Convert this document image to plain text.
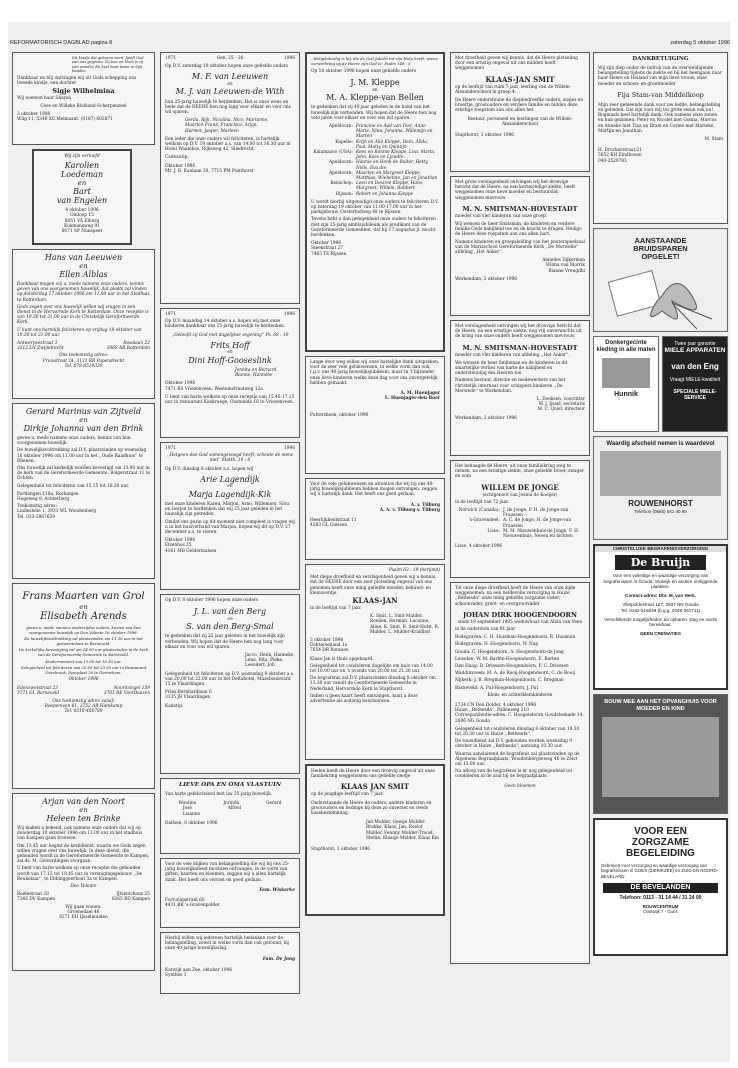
REFORMATORISCH DAGBLAD pagina 8	zaterdag 5 oktober 1996
Dit kindje dat geboren werd, heeft God aan ons gegeven, Zó teer en klein is zij een wonder, En heel haar leven in Zijn handen.
Dankbaar en blij ontvingen wij uit Gods schepping ons tweede kindje, een dochter
Sigje Wilhelmina
Wij noemen haar Sharon
Cees en Willeke Blokland-Scherpenzeel
3 oktober 1996
Wilg 11, 5348 XC Melmsant. (0187) 602871
Wij zijn verloofd
Karolien
Loedeman
en
Bart
van Engelen
4 oktober 1996
Omloop 15
8051 VA Elburg
Kokmansweg 91
8071 SP Nunspeet
Hans van Leeuwen
en
Ellen Alblas
Dankbaar mogen wij u, mede namens onze ouders, kennis geven van ons voorgenomen huwelijk, dat plaats zal vinden op donderdag 17 oktober 1996 om 11.00 uur in het Stadhuis te Rotterdam.
Gods zegen over ons huwelijk willen wij vragen in een dienst in de Hervormde Kerk te Rotterdam. Onze receptie is van 19.30 tot 21.00 uur in de Christelijk Gereformeerde Kerk.
U kunt ons hartelijk feliciteren op vrijdag 18 oktober van 19.30 tot 21.00 uur.
Antwerpsestraat 3	Rosalaan 22
3112 LN Zwijndrecht	3069 AR Rotterdam
Ons toekomstig adres:
Pruisstraat 24, 3131 RR Papendrecht
Tel. 078-6519329
Gerard Marinus van Zijtveld
en
Dirkje Johanna van den Brink
geven u, mede namens onze ouders, kennis van hun voorgenomen huwelijk.
De huwelijksvoltrekking zal D.V. plaatsvinden op woensdag 16 oktober 1996 om 11.00 uur in het ,,Oude Raadhuis'' te Rhenen.
Ons huwelijk zal kerkelijk worden bevestigd om 13.00 uur in de kerk van de Gereformeerde Gemeente, Bolgerstraat 11 te Ochten.
Gelegenheid tot feliciteren van 15.15 tot 16.30 uur.
Portlongen 118a, Rockanjen
Hogeweg 8, Achterberg
Toekomstig adres:
Lindeslelie 1, 3931 WL Woudenberg
Tel. 033-2867639
Frans Maarten van Grol
en
Elisabeth Arends
geven u, mede namens wederzijdse ouders, kennis van hun voorgenomen huwelijk op Don Volente 16 oktober 1996.
De huwelijksvoltrekking zal plaatsvinden om 11.30 uur in het gemeentehuis te Barneveld.
De kerkelijke bevestiging zal om 14.00 uur plaatsvinden in de kerk van de Gereformeerde Gemeente te Barneveld.
Kindermoment van 15.00 tot 16.30 uur.
Gelegenheid tot feliciteren van 20.00 tot 23.00 uur in Restaurant Overbrook, Ponsplaat 28 te Gorinchem.
Oktober 1996
Edenswetstraat 23	Noordsingel 159
3771 GL Barneveld	3781 RE Voorthuizen
Ons toekomstig adres vanaf:
Roepersven 61, 3752 AR Harskamp
Tel. 0318-456789
Arjan van den Noort
en
Heleen ten Brinke
Wij maken u bekend, ook namens onze ouders dat wij op donderdag 10 oktober 1996 om 13.00 uur in het stadhuis van Kampen gaan trouwen.
Om 13.45 uur begint de kerkdienst, waarin we Gods zegen willen vragen over ons huwelijk. In deze dienst, die gehouden wordt in de Gereformeerde Gemeente te Kampen, zal ds. M. Golverdingen voorgaan.
U bent van harte welkom op onze receptie die gehouden wordt van 17.15 tot 18.45 uur in verenigingsgebouw ,,De Beukelaar'', te Ebbinggeerhout 3a te Kampen.
Deo Volente
Boelestraat 28	IJlverschonz 25
7266 DV Kampen	8265 BD Kampen
Wij gaan wonen:
Groenedael 46
8271 EH IJsselmuiden
1971	Gen. 25 - 26	1996
Op D.V. zaterdag 19 oktober hopen onze geliefde ouders
M. F. van Leeuwen
en
M. J. van Leeuwen-de With
hun 25-jarig huwelijk te herdenken. Het is onze wens en bede dat de HEERE hen nog lang voor elkaar en voor ons wil sparen.
Gerda, Rijk, Nicolina, Nico, Marianne, Maarten Frank, Francisca, Arjan, Harmet, Jasper, Marleen
Een ieder die onze ouders wil feliciteren, is hartelijk welkom op D.V. 19 oktober a.s. van 14.00 tot 16.30 uur in Hotel Waambos, Rijksweg 42, Sliedrecht.
Cadeautip:
Oktober 1996
Mr. J. B. Kanlaan 30, 7715 PM Punthorst
1971	1996
Op D.V. maandag 14 oktober a.s. hopen wij met onze kinderen dankbaar ons 25-jarig huwelijk te herdenken.
,,Geloofd zij God met dagelijkse zegening'' Ps. 68 : 19
Frits Hoff
en
Dini Hoff-Gooseslink
Jennita en Bernard, Bianne, Hannebe
Oktober 1996
7471 BS Vriezenveen, Westeinstraatweg 12a
U bent van harte welkom op onze receptie van 15.45-17.15 uur in restaurant Koekruege, Oosteinde 18 te Vriezenveen.
1971	1996
,,Hetgeen dan God samengevoegd heeft, scheide de mens niet'' Matth. 19 : 6
Op D.V. dinsdag 8 oktober a.s. hopen wij
Arie Lagendijk
en
Marja Lagendijk-Kik
met onze kinderen Karen, Marjon, Arno, Willemien, Silva en Gerjon te herdenken dat wij 25 jaar geleden in het huwelijk zijn getreden.
Omdat ons gezin op dit moment niet compleet is vragen wij u in het huisverband van Marjon, hopen wij dit op D.V. 27 december a.s. te vieren.
Oktober 1996
Elzenhos 25
4161 MB Geldermalsen
Op D.V. 8 oktober 1996 hopen onze ouders
J. L. van den Berg
en
S. van den Berg-Smal
te gedenken dat zij 25 jaar geleden in het huwelijk zijn verbonden. Wij hopen dat de Heere hen nog lang voor elkaar en voor ons wil sparen.
Jacco, Henk, Hanneke, Lena, Rita, Pieke, Leendert, Job
Gelegenheid tot feliciteren op D.V. woensdag 9 oktober a.s. van 20.00 tot 22.00 uur in het Deltahotel, Maasboulevard 15 te Vlaardingen.
Prins Bernhardlaan 6
3135 JB Vlaardingen
Kadotip:
LIEVE OPA EN OMA VLASTUIN
Van harte gefeliciteerd met uw 35-jarig huwelijk.
Woutine	Jorinda	Gerard
José	Alfred
Lisanne
Dalfsen, 8 oktober 1996
Voor de vele blijken van belangstelling die wij bij ons 25-jarig huwelijksfeest mochten ontvangen, in de vorm van giften, kaarten en bloemen, zeggen wij u allen hartelijk dank. Het heeft ons verrast en goed gedaan.
Fam. Wiskerke
Fortunapstraat 60
4431 BK 's-Gravenpolder
Hierbij willen wij iedereen hartelijk bedanken voor de belangstelling, zowel in welke vorm dan ook getoond, bij onze 40-jarige huwelijksdag.
Fam. De Jong
Katwijk aan Zee, oktober 1996
Synthes 1
,,Welgelukzalig is hij, die de God Jakobs tot zijn Hulp heeft, wiens verwachting op de Heere zijn God is'' Psalm 146 : 5
Op 18 oktober 1996 hopen onze geliefde ouders
J. M. Kleppe
en
M. A. Kleppe-van Bellen
te gedenken dat zij 40 jaar geleden in de band van het huwelijk zijn verbonden. Wij hopen dat de Heere hen nog vele jaren voor elkaar en voor ons wil sparen.
Apeldoorn: Francine en Aad van Toor, Anne-Marie, Nina, Johanna, Willemijn en Marten
Kapelle: Krijn en Alie Kleppe, Hein, Alida, Paul, Matty en Quintijn
Kalamazoo (USA): Kees en Ronnie Kleppe, Lisa, Marta, John, Kees en Lynette
Apeldoorn: Hannie en Henk de Ruiter, Hetty, Niels, Eva die
Apeldoorn: Maarten en Margreet Kleppe, Matthias, Wiebetine, Jan en Jonathan
Benschop: Leen en Desiree Kleppe, Hans, Margreet, Willem, Robbert
Rijssen: Robert en Johanna Kleppe
U wordt hierbij uitgenodigd onze ouders te feliciteren D.V. op zaterdag 19 oktober van 11.00-17.00 uur in het parkgebouw, Oosterhofweg 48 te Rijssen.
Tevens hebt u dan gelegenheid onze ouders te feliciteren met zijn 25-jarig ambtsjubileum als predikant van de Gereformeerde Gemeenten, dat hij 17 augustus jl. mocht herdenken.
Oktober 1996
Steekstraat 27
7463 TE Rijssen
Lange door weg willen wij onze hartelijke dank uitspreken, voor de zeer vele gelukwensen, in welke vorm dan ook, t.g.v. ons 40-jarig huwelijksjubileum, maar in 't bijzonder onze lieve kinderen welke deze dag voor ons onvergetelijk hebben gemaakt.
A. M. Huenjager
L. Huenjager-den Boer
Puttershoek, oktober 1996
Voor de vele gelukwensen en attenties die wij bij ons 40-jarig huwelijksjubileum hebben mogen ontvangen, zeggen wij u hartelijk dank. Het heeft ons goed gedaan.
A. v. Tilburg
A. A. v. Tilburg-v. Tilburg
Heerlijkheidstraat 11
4283 GL Giessen
Psalm 63 : 19 (berijmd)
Met diepe droefheid en verslagenheid geven wij u kennis, dat de HEERE door een zeer plotseling ongeval van ons genomen heeft onze innig geliefde moeder, behuwd- en kleinzoontje
KLAAS-JAN
in de leeftijd van 7 jaar.
K. Smit, L. Smit-Mulder, Roelien, Herman, Lucanne, Aline, K. Smit, B. Smit-Holst, R. Mulder, L. Mulder-Kraldhof
3 oktober 1996
Dokterseiland 1a
7654 DR Ronssen
Klaas-Jan is thuis opgebaard.
Gelegenheid tot condoleren dagelijks om huis van 14.00 tot 16.00 uur en 's avonds van 20.00 tot 21.30 uur.
De begrafenis zal D.V. plaatsvinden dinsdag 8 oktober om 13.30 uur vanuit de Gereformeerde Gemeente in Nederland, Hervormde Kerk te Stapthorst.
Indien u geen kaart heeft ontvangen, kunt u deze advertentie als zodanig beschouwen.
Heden heeft de Heere door een droevig ongeval uit onze familiekring weggenomen ons geliefde neefje
KLAAS JAN SMIT
op de jeugdige leeftijd van 7 jaar.
Onderstaande de Heere de ouders, andere kinderen en grootouders en bedinge bij deze zo onverzet en reeds kaasbestemming.
Jan Mulder, Geesje Mulder-Brakke, Klaas, Jan, Roelof Mulder, Fennny Mulder-Troost, Stefan, Klaasje Mulder, Klaas Kin
Stapthorst, 3 oktober 1996
Met droefheid geven wij kennis, dat de Heere plotseling door een ernstig ongeval uit ons midden heeft weggenomen
KLAAS-JAN SMIT
op de leeftijd van ruim 7 jaar, leerling van de Willem-Alexanderschool in groep 4.
De Heere ondersteune de diepbedroefde ouders, zusjes en broertje, grootouders en verdere familie en bidden deze ernstige roepstem aan ons allen het.
Bestuur, personeel en leerlingen van de Willem-Alexanderschool
Stapthorst, 3 oktober 1996
Met grote verslagenheid ontvingen wij het droevige bericht dat de Heere, na een kortstondige ziekte, heeft weggenomen onze lieve moeder en bestuurslid, weggenomen mevrouw
M. N. SMITSMAN-HOVESTADT
moeder van vier kinderen van onze groep.
Wij wensen de heer Smitsman, de kinderen en verdere familie Gods nabijheid toe en de kracht te dragen. Heilige de Heere deze roepstem aan ons allen hart.
Namens kinderen en groepsleiding van het peuterspeelzaal van de Mariaschool Gereformeerde Kerk ,,De Morwelle'' afdeling ,,Het Anker''.
Annelies Dijkerman
Wilma van Morrik
Bianne Vreugdhi
Werkendam, 2 oktober 1996
Met verslagenheid ontvingen wij het droevige bericht dat de Heere, na een ernstige ziekte, nog vrij onverwachts uit de kring van onze ouders heeft weggenomen mevrouw
M. N. SMITSMAN-HOVESTADT
moeder van vier kinderen van afdeling ,,Het Anker''.
We wensen de heer Smitsman en de kinderen in dit smartelijke verlies van harte de nabijheid en ondersteuning des Heeren toe.
Namens bestuur, directie en medewerkers van het christelijk internaat voor schippers kinderen ,,De Merwede'' te Werkendam.
L. Doeksen, voorzitter
W. J. Ijssel, secretaris
M. C. Quist, directeur
Werkendam, 2 oktober 1996
Het behaagde de Heere, uit onze familiekring weg te nemen, na een ernstige ziekte, onze geliefde broer, zwager en oom
WILLEM DE JONGE
(echtgenoot van Josina de Koeijer)
in de leeftijd van 72 jaar.
Norwich (Canada): J. de Jonge, P. H. de Jonge-van Fraassen
's-Gravendeel: A. C. de Jonge, H. de Jonge-van Fraassen
Lisse: M. M. Nieuwenhuis-de Jonge, F. H. Nieuwenhuis, Neven en nichten
Lisse, 4 oktober 1996
Tot onze diepe droefheid heeft de Heere van onze zijde weggenomen, na een liefdevolle verzorging in Huize ,,Bethesda'' onze innig geliefde zorgzame vader, schoonvader, groot- en overgrootvader
JOHAN DIRK HOOGENDOORN
sinds 19 september 1995 weduwnaar van Alida van Veen
in de ouderdom van 91 jaar.
Bodegraven: C. H. Huisman-Hoogendoorn, R. Huisman
Bodegraven: N. Hoogendoorn, W. Nap
Gouda: C. Hoogendoorn, A. Hoogendoorn-de Jong
Leusden: W. M. Barten-Hoogendoorn, E. Barten
Den Haag: D. Driessen-Hoogendoorn, F. C. Driessen
Waddinxveen: M. A. de Rooij-Hoogendoorn, C. de Rooij
Nijkerk: J. B. Bregman-Hoogendoorn, C. Bregman
Barneveld: A. Pul-Hoogendoorn, J. Pul
Klein- en achterkleinkinderen
2734 CN Den Dolder, 4 oktober 1996
Huize ,,Bethesda'', Pallenweg 210
Correspondentie-adres: C. Hoogendoorn Goudsteskade 14, 2806 NG Gouda
Gelegenheid tot condoleren dinsdag 8 oktober van 19.30 tot 20.30 uur in Huize ,,Bethesda''.
De rouwdienst zal D.V. gehouden worden woensdag 9 oktober in Huize ,,Bethesda'', aanvang 10.30 uur.
Waarna aansluitend de begrafenis zal plaatsvinden op de Algemene Begraafplaats, Woudenbergseweg 46 te Zeist om 12.00 uur.
Na afloop van de begrafenis is er nog gelegenheid tot condoleren in de zaal bij de begraafplaats.
Geen bloemen
DANKBETUIGING
Wij zijn diep onder de indruk van de overweldigende belangstelling tijdens de ziekte en bij het heengaan naar haar Heere en Heiland van mijn lieve vrouw, onze moeder en schoon- en grootmoeder
Fija Stam-van Middelkoop
Mijn zeer gemeende dank voor uw liefde, belangstelling en gebeden. Die zijn voor mij tot grote steun ook nu! Bogmaals heel hartelijk dank. Ook namens onze zonen en hun gezinnen: Peter en Nicolet met Gonna, Marcus en Anneke met Tina en Bram en Corine met Marieke, Martijn en Jonathan.
M. Stam
H. Druckerstraat 21
5652 BH Eindhoven
040-2529783
AANSTAANDE
BRUIDSPAREN
OPGELET!
Donkergecinte kleding in alle maten
Hunnik
Twee jaar garantie
MIELE APPARATEN
van den Eng
Vraagt MIELE-kwaliteit
SPECIALE MIELE-SERVICE
Waardig afscheid nemen is waardevol
ROUWENHORST
Telefoon (0555) 541 40 89
CHRISTELIJKE BEGRAFENISVERZORGING
De Bruijn
Voor een volledige en waardige verzorging van begrafenissen in Gouda, Stolwijk en andere omliggende plaatsen.
Contact-adres: Dhr. M. van Herk.
Vlietpoldestraat 127, 2807 NN Gouda
Tel. 0182-516649 (b.g.g. 0348-361711)
Verschillende mogelijkheden tot opbaren. Dag en nacht bereikbaar.
GEEN CREMATIES
BOUW MEE AAN HET OPVANGHUIS VOOR MOEDER EN KIND
VOOR EEN
ZORGZAME
BEGELEIDING
Gebreken voor verzorging en waardige verzorging van begrafenissen in GOES (ZIERIKZEE) en ZUID-EN NOORD-BEVELAND
DE BEVELANDEN
Telefoon: 0113 - 31 14 44 / 31 24 00
ROUWCENTRUM
Oostwijk 7 · Goes
